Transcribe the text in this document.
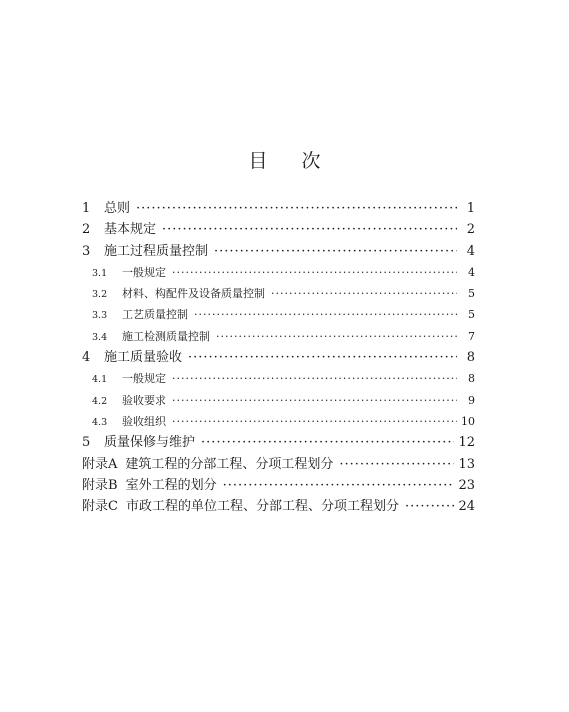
目 次
1	总则 ·····	1
2	基本规定 ·····	2
3	施工过程质量控制 ·····	4
3.1	一般规定 ·····	4
3.2	材料、构配件及设备质量控制 ·····	5
3.3	工艺质量控制 ·····	5
3.4	施工检测质量控制 ·····	7
4	施工质量验收 ·····	8
4.1	一般规定 ·····	8
4.2	验收要求 ·····	9
4.3	验收组织 ·····	10
5	质量保修与维护 ·····	12
附录A 建筑工程的分部工程、分项工程划分 ·····	13
附录B 室外工程的划分 ·····	23
附录C 市政工程的单位工程、分部工程、分项工程划分 ·····	24
